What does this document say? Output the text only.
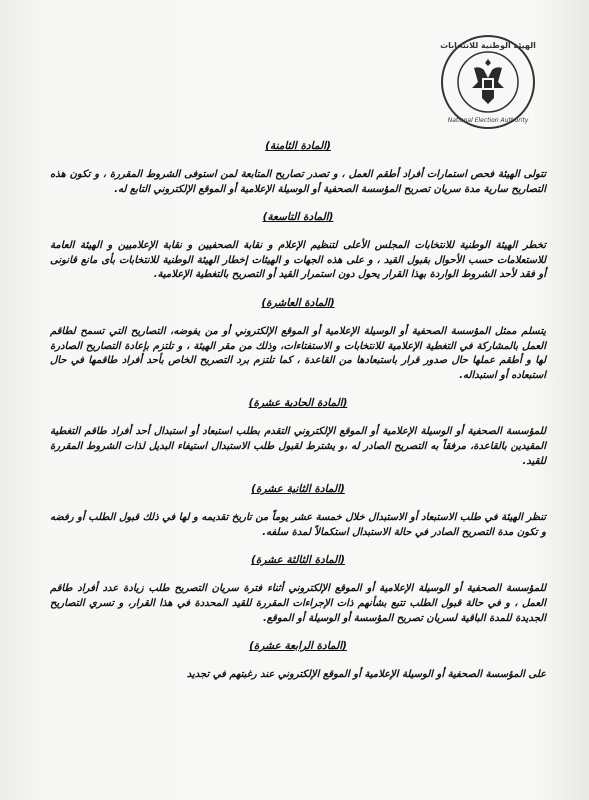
الهيئة الوطنية للانتخابات
National Election Authority

(المادة الثامنة)

تتولى الهيئة فحص استمارات أفراد أطقم العمل ، و تصدر تصاريح المتابعة لمن استوفى الشروط المقررة ، و تكون هذه التصاريح سارية مدة سريان تصريح المؤسسة الصحفية أو الوسيلة الإعلامية أو الموقع الإلكتروني التابع له.

(المادة التاسعة)

تخطر الهيئة الوطنية للانتخابات المجلس الأعلى لتنظيم الإعلام و نقابة الصحفيين و نقابة الإعلاميين و الهيئة العامة للاستعلامات حسب الأحوال بقبول القيد ، و على هذه الجهات و الهيئات إخطار الهيئة الوطنية للانتخابات بأى مانع قانونى أو فقد لأحد الشروط الواردة بهذا القرار يحول دون استمرار القيد أو التصريح بالتغطية الإعلامية.

(المادة العاشرة)

يتسلم ممثل المؤسسة الصحفية أو الوسيلة الإعلامية أو الموقع الإلكتروني أو من يفوضه، التصاريح التي تسمح لطاقم العمل بالمشاركة في التغطية الإعلامية للانتخابات و الاستفتاءات، وذلك من مقر الهيئة ، و تلتزم بإعادة التصاريح الصادرة لها و أطقم عملها حال صدور قرار باستبعادها من القاعدة ، كما تلتزم برد التصريح الخاص بأحد أفراد طاقمها في حال استبعاده أو استبداله.

(المادة الحادية عشرة)

للمؤسسة الصحفية أو الوسيلة الإعلامية أو الموقع الإلكتروني التقدم بطلب استبعاد أو استبدال أحد أفراد طاقم التغطية المقيدين بالقاعدة، مرفقاً به التصريح الصادر له ،و يشترط لقبول طلب الاستبدال استيفاء البديل لذات الشروط المقررة للقيد.

(المادة الثانية عشرة)

تنظر الهيئة في طلب الاستبعاد أو الاستبدال خلال خمسة عشر يوماً من تاريخ تقديمه و لها في ذلك قبول الطلب أو رفضه و تكون مدة التصريح الصادر في حالة الاستبدال استكمالاً لمدة سلفه.

(المادة الثالثة عشرة)

للمؤسسة الصحفية أو الوسيلة الإعلامية أو الموقع الإلكتروني أثناء فترة سريان التصريح طلب زيادة عدد أفراد طاقم العمل ، و في حالة قبول الطلب تتبع بشأنهم ذات الإجراءات المقررة للقيد المحددة في هذا القرار، و تسري التصاريح الجديدة للمدة الباقية لسريان تصريح المؤسسة أو الوسيلة أو الموقع.

(المادة الرابعة عشرة)

على المؤسسة الصحفية أو الوسيلة الإعلامية أو الموقع الإلكتروني عند رغبتهم في تجديد
